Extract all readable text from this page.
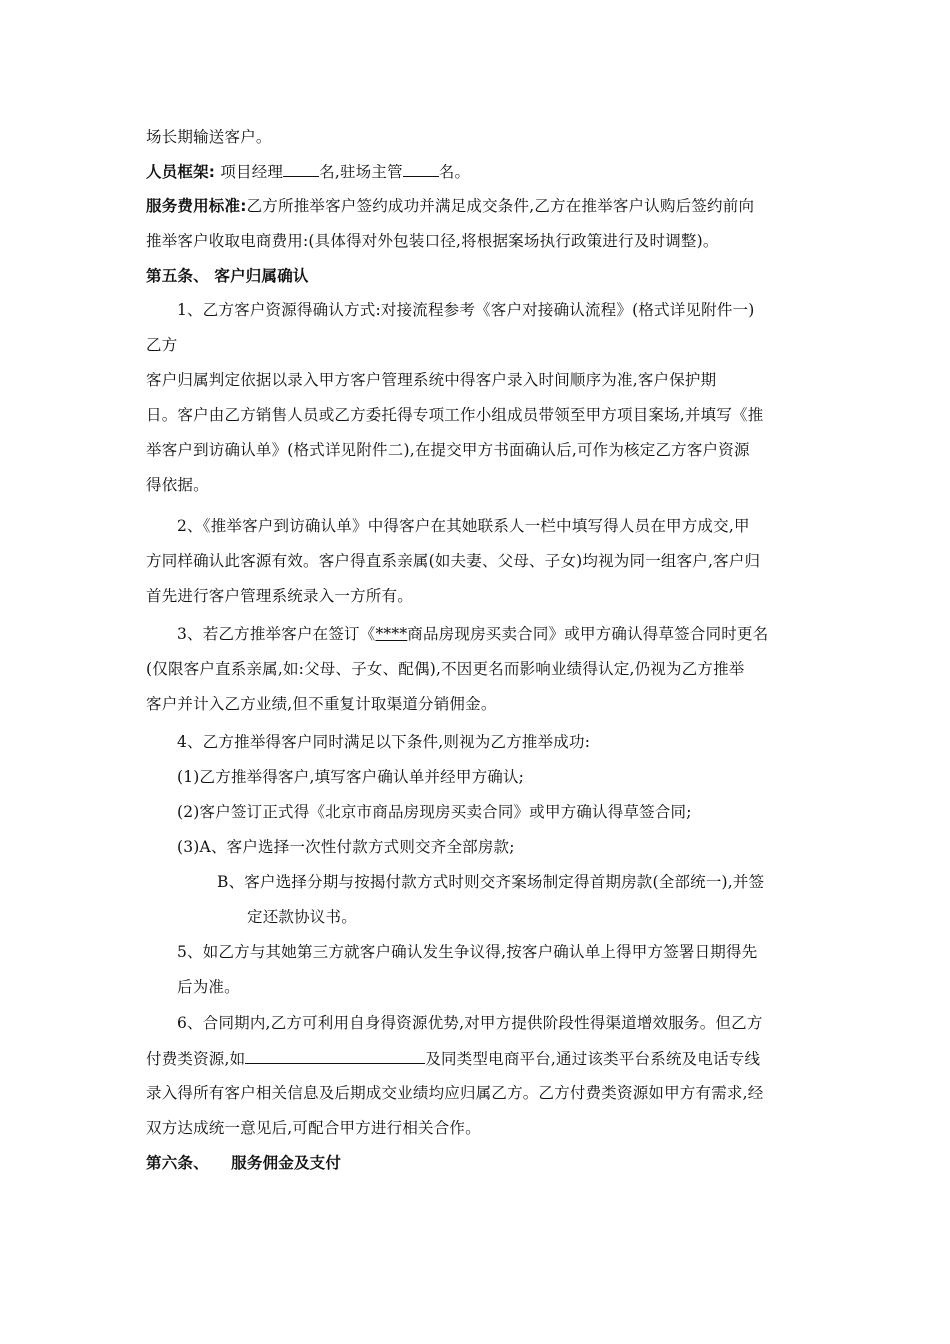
场长期输送客户。
人员框架: 项目经理 名,驻场主管 名。
服务费用标准:乙方所推举客户签约成功并满足成交条件,乙方在推举客户认购后签约前向
推举客户收取电商费用:(具体得对外包装口径,将根据案场执行政策进行及时调整)。
第五条、 客户归属确认
1、乙方客户资源得确认方式:对接流程参考《客户对接确认流程》(格式详见附件一)
乙方
客户归属判定依据以录入甲方客户管理系统中得客户录入时间顺序为准,客户保护期
日。客户由乙方销售人员或乙方委托得专项工作小组成员带领至甲方项目案场,并填写《推
举客户到访确认单》(格式详见附件二),在提交甲方书面确认后,可作为核定乙方客户资源
得依据。
2、《推举客户到访确认单》中得客户在其她联系人一栏中填写得人员在甲方成交,甲
方同样确认此客源有效。客户得直系亲属(如夫妻、父母、子女)均视为同一组客户,客户归
首先进行客户管理系统录入一方所有。
3、若乙方推举客户在签订《****商品房现房买卖合同》或甲方确认得草签合同时更名
(仅限客户直系亲属,如:父母、子女、配偶),不因更名而影响业绩得认定,仍视为乙方推举
客户并计入乙方业绩,但不重复计取渠道分销佣金。
4、乙方推举得客户同时满足以下条件,则视为乙方推举成功:
(1)乙方推举得客户,填写客户确认单并经甲方确认;
(2)客户签订正式得《北京市商品房现房买卖合同》或甲方确认得草签合同;
(3)A、客户选择一次性付款方式则交齐全部房款;
B、客户选择分期与按揭付款方式时则交齐案场制定得首期房款(全部统一),并签
定还款协议书。
5、如乙方与其她第三方就客户确认发生争议得,按客户确认单上得甲方签署日期得先
后为准。
6、合同期内,乙方可利用自身得资源优势,对甲方提供阶段性得渠道增效服务。但乙方
付费类资源,如	及同类型电商平台,通过该类平台系统及电话专线
录入得所有客户相关信息及后期成交业绩均应归属乙方。乙方付费类资源如甲方有需求,经
双方达成统一意见后,可配合甲方进行相关合作。
第六条、    服务佣金及支付
